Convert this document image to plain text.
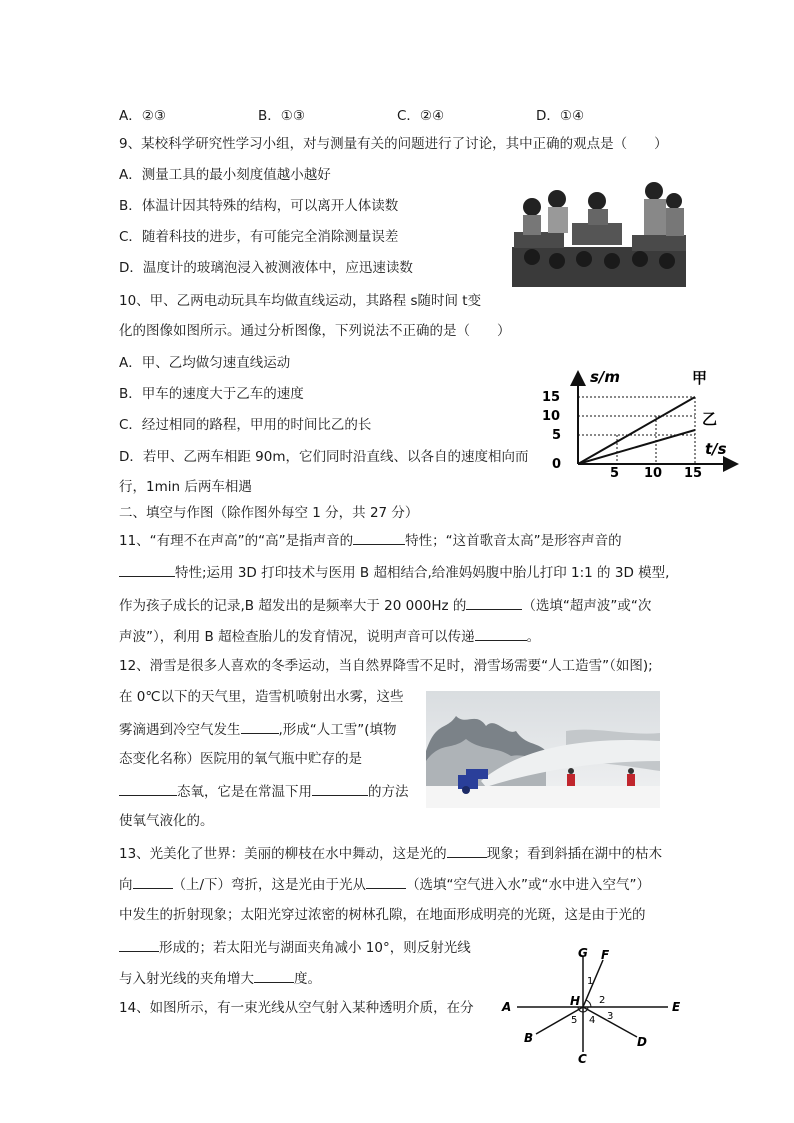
A．②③	B．①③	C．②④	D．①④
9、某校科学研究性学习小组，对与测量有关的问题进行了讨论，其中正确的观点是（　　）
A．测量工具的最小刻度值越小越好
B．体温计因其特殊的结构，可以离开人体读数
C．随着科技的进步，有可能完全消除测量误差
D．温度计的玻璃泡浸入被测液体中，应迅速读数
10、甲、乙两电动玩具车均做直线运动，其路程 s随时间 t变
化的图像如图所示。通过分析图像，下列说法不正确的是（　　）
A．甲、乙均做匀速直线运动
B．甲车的速度大于乙车的速度
C．经过相同的路程，甲用的时间比乙的长
D．若甲、乙两车相距 90m，它们同时沿直线、以各自的速度相向而
行，1min 后两车相遇
s/m
t/s
0
15
10
5
5 10 15
甲
乙
二、填空与作图（除作图外每空 1 分，共 27 分）
11、“有理不在声高”的“高”是指声音的	特性；“这首歌音太高”是形容声音的
特性;运用 3D 打印技术与医用 B 超相结合,给准妈妈腹中胎儿打印 1:1 的 3D 模型,
作为孩子成长的记录,B 超发出的是频率大于 20 000Hz 的	（选填“超声波”或“次
声波”），利用 B 超检查胎儿的发育情况，说明声音可以传递	。
12、滑雪是很多人喜欢的冬季运动，当自然界降雪不足时，滑雪场需要“人工造雪”（如图);
在 0℃以下的天气里，造雪机喷射出水雾，这些
雾滴遇到冷空气发生	,形成“人工雪”(填物
态变化名称）医院用的氧气瓶中贮存的是
态氧，它是在常温下用	的方法
使氧气液化的。
13、光美化了世界：美丽的柳枝在水中舞动，这是光的	现象；看到斜插在湖中的枯木
向	（上/下）弯折，这是光由于光从	（选填“空气进入水”或“水中进入空气”）
中发生的折射现象；太阳光穿过浓密的树林孔隙，在地面形成明亮的光斑，这是由于光的
形成的；若太阳光与湖面夹角减小 10°，则反射光线
与入射光线的夹角增大	度。
14、如图所示，有一束光线从空气射入某种透明介质，在分
G F
A	E
B	D
C
H
1
2
3
4
5
